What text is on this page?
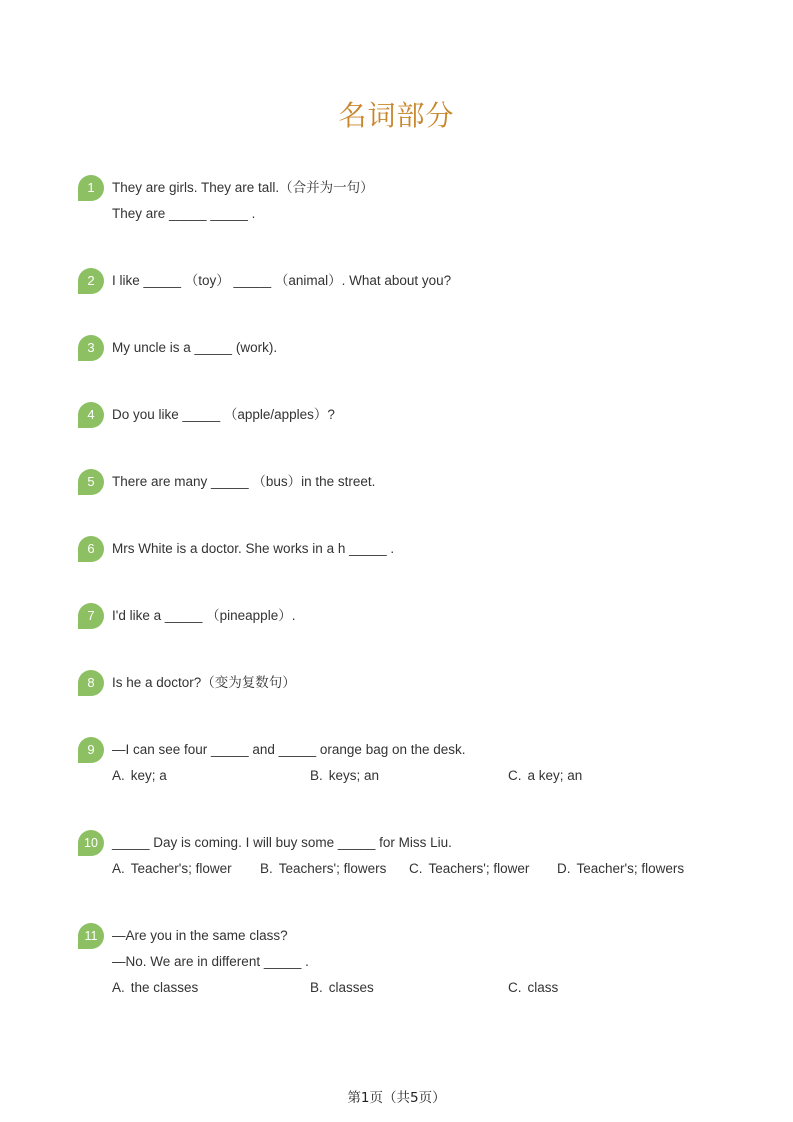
名词部分
1	They are girls. They are tall.（合并为一句）
They are _____ _____ .
2	I like _____ （toy） _____ （animal）. What about you?
3	My uncle is a _____ (work).
4	Do you like _____ （apple/apples）?
5	There are many _____ （bus）in the street.
6	Mrs White is a doctor. She works in a h _____ .
7	I'd like a _____ （pineapple）.
8	Is he a doctor?（变为复数句）
9	—I can see four _____ and _____ orange bag on the desk.
A. key; a	B. keys; an	C. a key; an
10	_____ Day is coming. I will buy some _____ for Miss Liu.
A. Teacher's; flower B. Teachers'; flowers C. Teachers'; flower D. Teacher's; flowers
11	—Are you in the same class?
—No. We are in different _____ .
A. the classes	B. classes	C. class
第1页（共5页）
